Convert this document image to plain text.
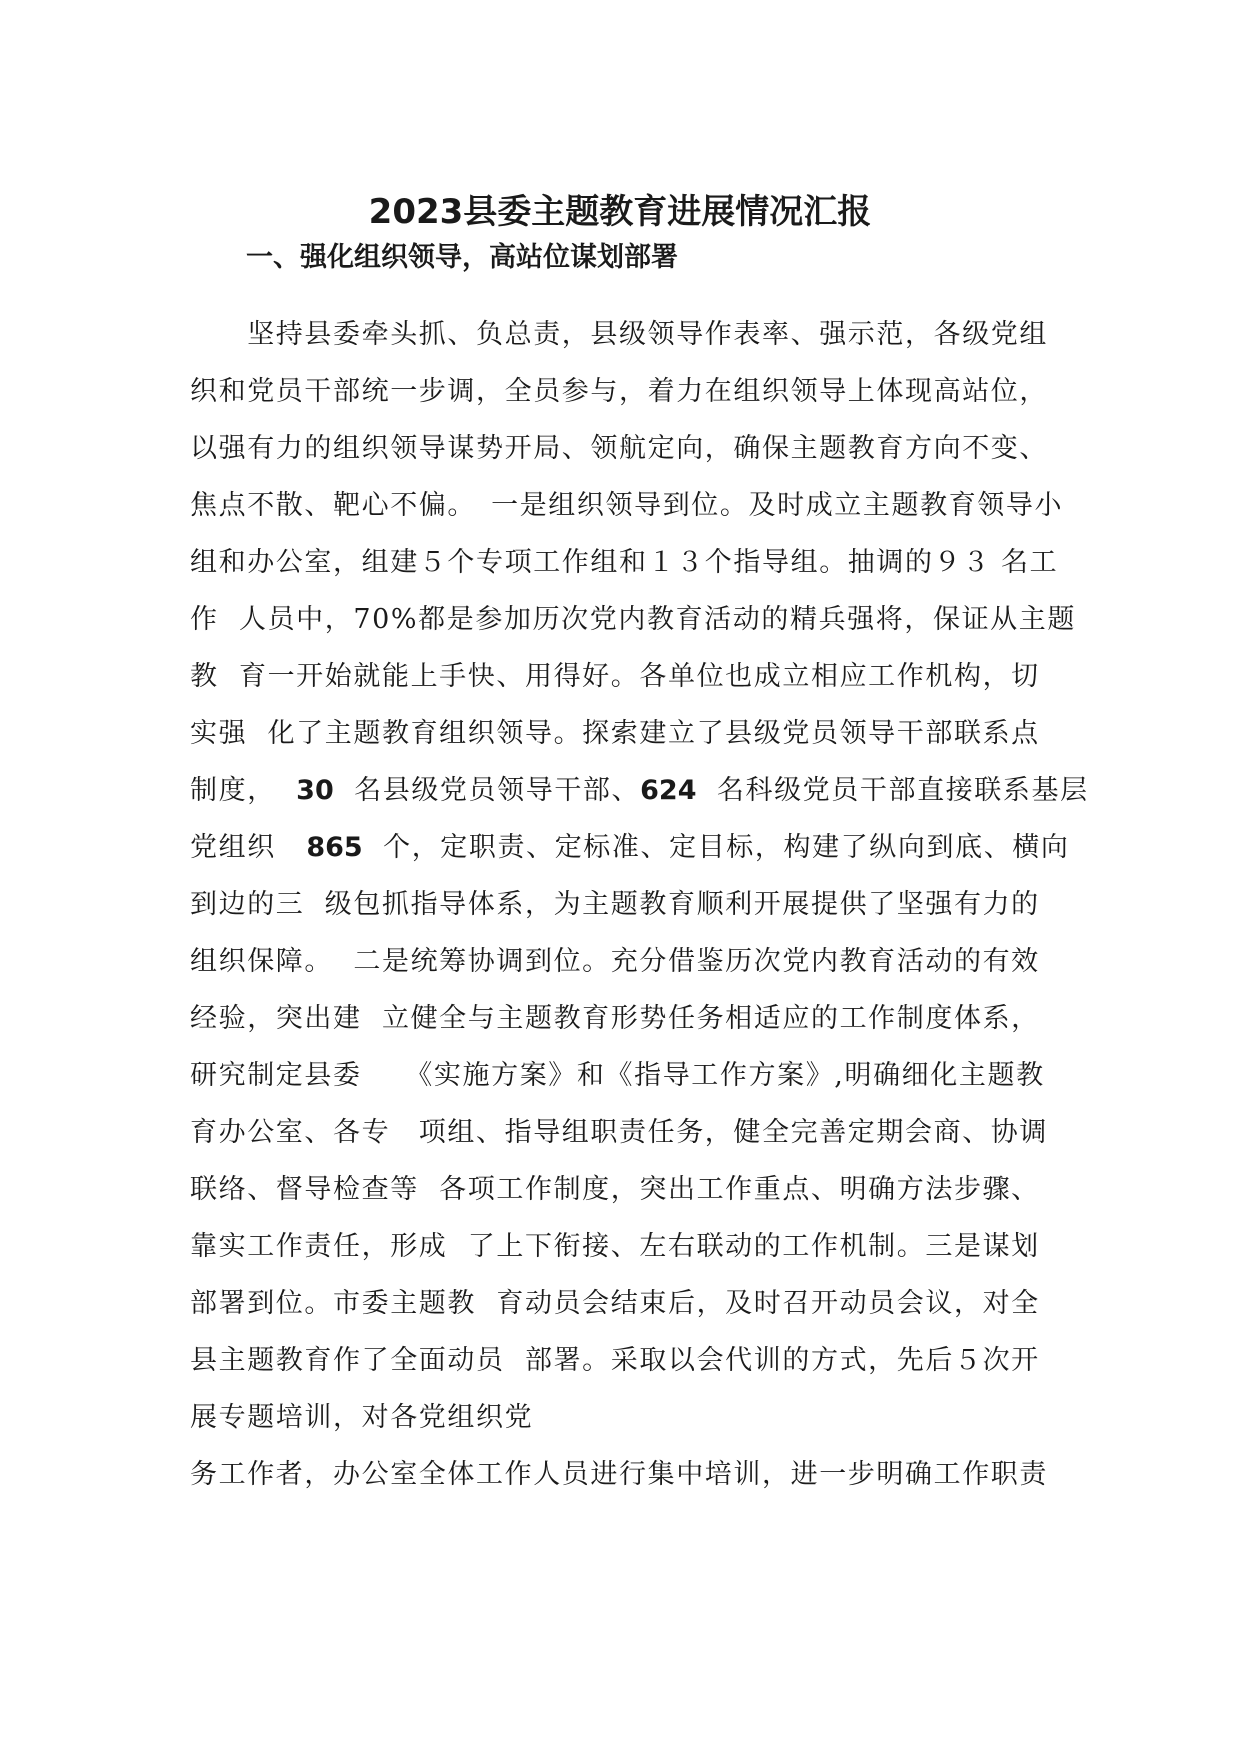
2023县委主题教育进展情况汇报
一、强化组织领导，高站位谋划部署

　　坚持县委牵头抓、负总责，县级领导作表率、强示范，各级党组

织和党员干部统一步调，全员参与，着力在组织领导上体现高站位，

以强有力的组织领导谋势开局、领航定向，确保主题教育方向不变、

焦点不散、靶心不偏。　一是组织领导到位。及时成立主题教育领导小

组和办公室，组建５个专项工作组和１３个指导组。抽调的９３ 名工

作  人员中，70%都是参加历次党内教育活动的精兵强将，保证从主题

教  育一开始就能上手快、用得好。各单位也成立相应工作机构，切

实强  化了主题教育组织领导。探索建立了县级党员领导干部联系点

制度，  30  名县级党员领导干部、624  名科级党员干部直接联系基层

党组织   865  个，定职责、定标准、定目标，构建了纵向到底、横向

到边的三  级包抓指导体系，为主题教育顺利开展提供了坚强有力的

组织保障。  二是统筹协调到位。充分借鉴历次党内教育活动的有效

经验，突出建  立健全与主题教育形势任务相适应的工作制度体系，

研究制定县委　　《实施方案》和《指导工作方案》,明确细化主题教

育办公室、各专　项组、指导组职责任务，健全完善定期会商、协调

联络、督导检查等  各项工作制度，突出工作重点、明确方法步骤、

靠实工作责任，形成  了上下衔接、左右联动的工作机制。三是谋划

部署到位。市委主题教  育动员会结束后，及时召开动员会议，对全

县主题教育作了全面动员  部署。采取以会代训的方式，先后５次开

展专题培训，对各党组织党

务工作者，办公室全体工作人员进行集中培训，进一步明确工作职责
